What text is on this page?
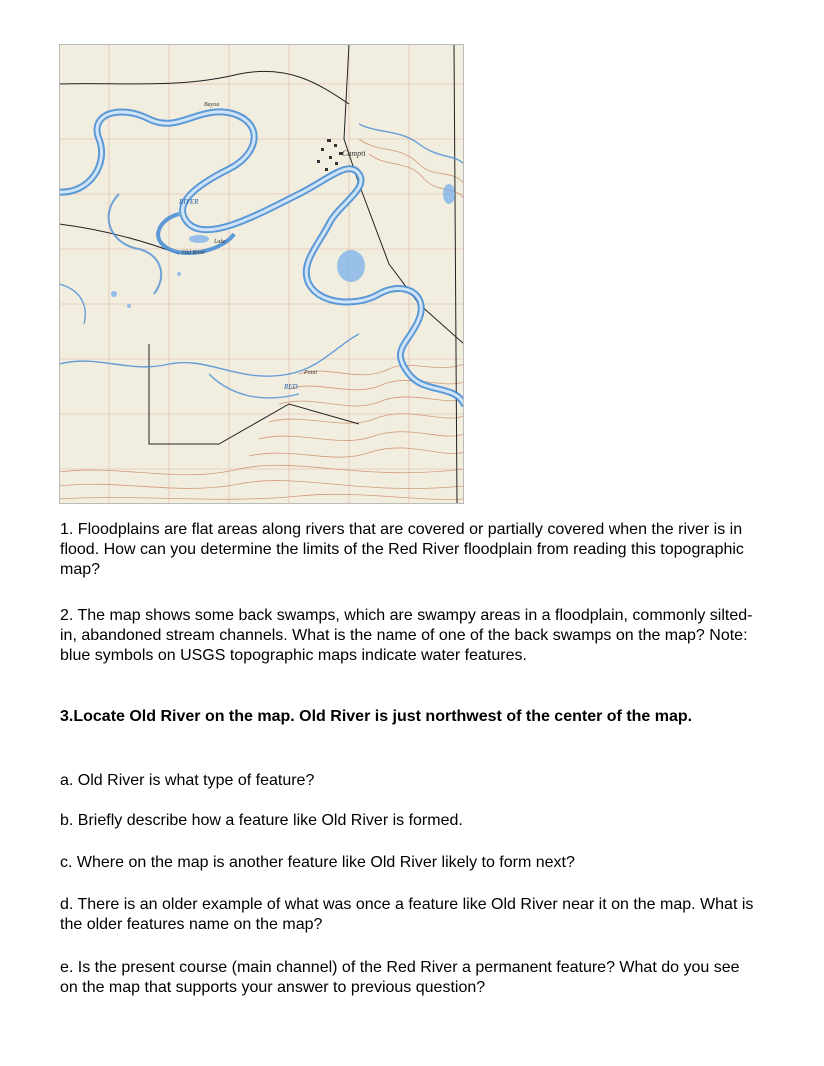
Campti
RIVER
Old River
Bayou
Lake
RED
Point

1. Floodplains are flat areas along rivers that are covered or partially covered when the river is in flood. How can you determine the limits of the Red River floodplain from reading this topographic map?

2. The map shows some back swamps, which are swampy areas in a floodplain, commonly silted-in, abandoned stream channels. What is the name of one of the back swamps on the map? Note: blue symbols on USGS topographic maps indicate water features.

3.Locate Old River on the map. Old River is just northwest of the center of the map.

a. Old River is what type of feature?

b. Briefly describe how a feature like Old River is formed.

c. Where on the map is another feature like Old River likely to form next?

d. There is an older example of what was once a feature like Old River near it on the map. What is the older features name on the map?

e. Is the present course (main channel) of the Red River a permanent feature? What do you see on the map that supports your answer to previous question?
